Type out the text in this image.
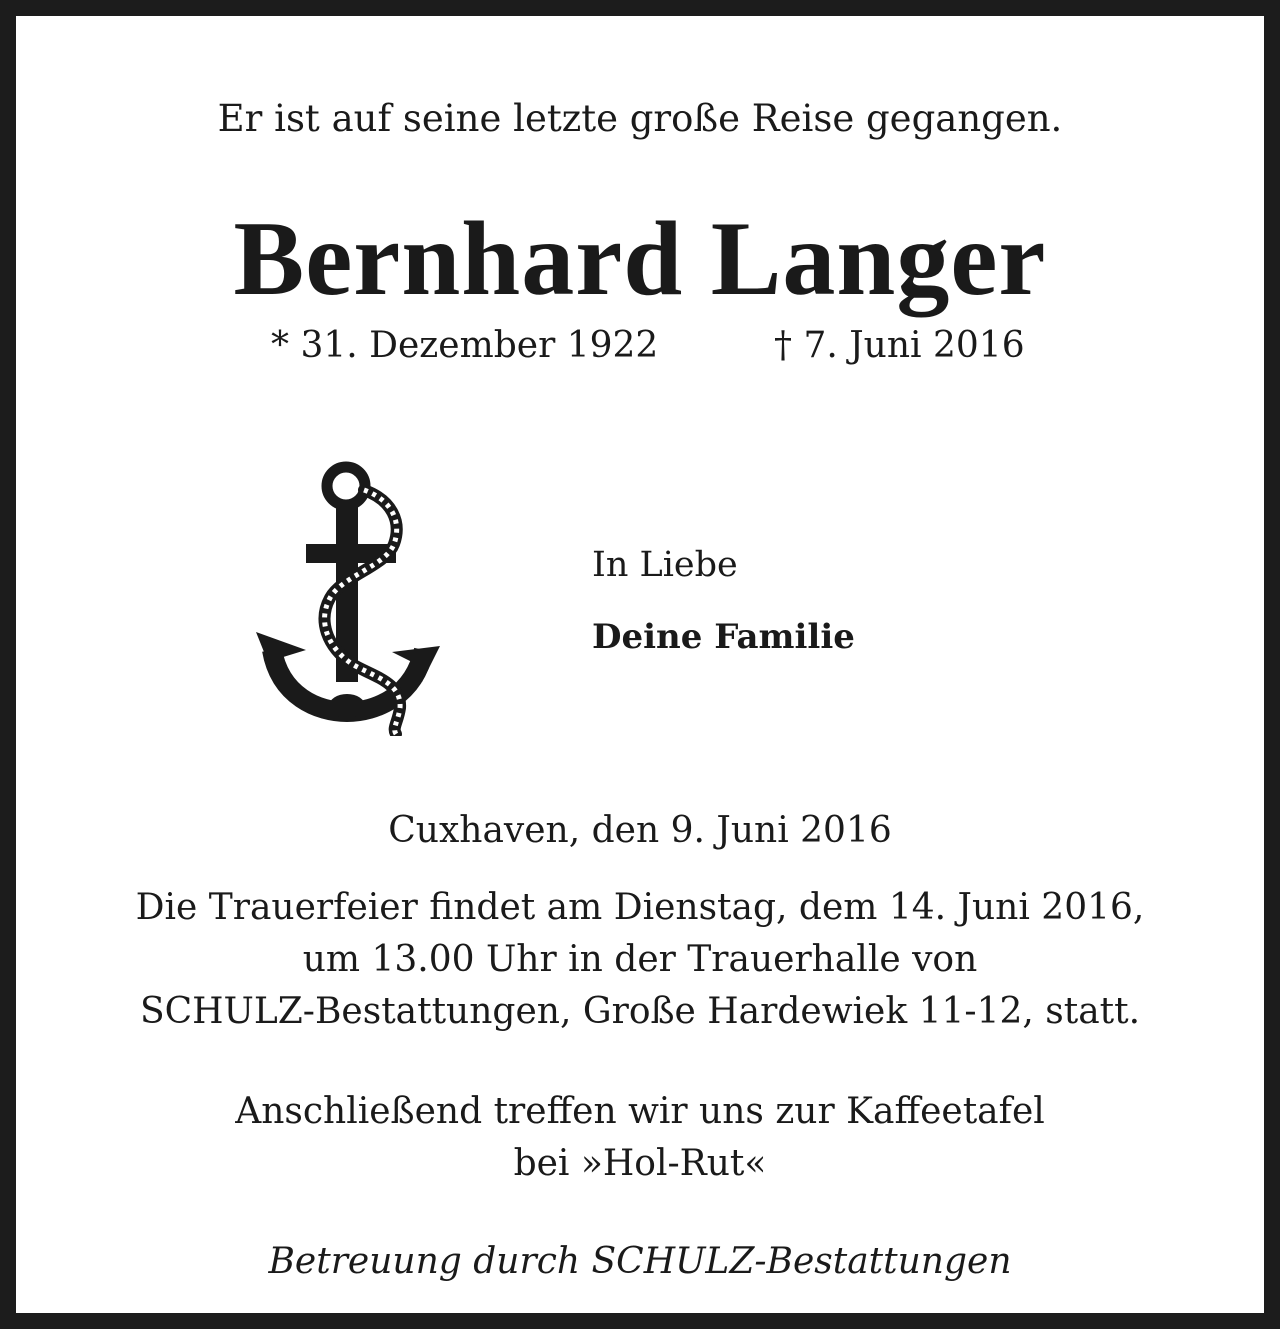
Er ist auf seine letzte große Reise gegangen.
Bernhard Langer
* 31. Dezember 1922	† 7. Juni 2016
In Liebe
Deine Familie
Cuxhaven, den 9. Juni 2016
Die Trauerfeier findet am Dienstag, dem 14. Juni 2016,
um 13.00 Uhr in der Trauerhalle von
SCHULZ-Bestattungen, Große Hardewiek 11-12, statt.
Anschließend treffen wir uns zur Kaffeetafel
bei »Hol-Rut«
Betreuung durch SCHULZ-Bestattungen
